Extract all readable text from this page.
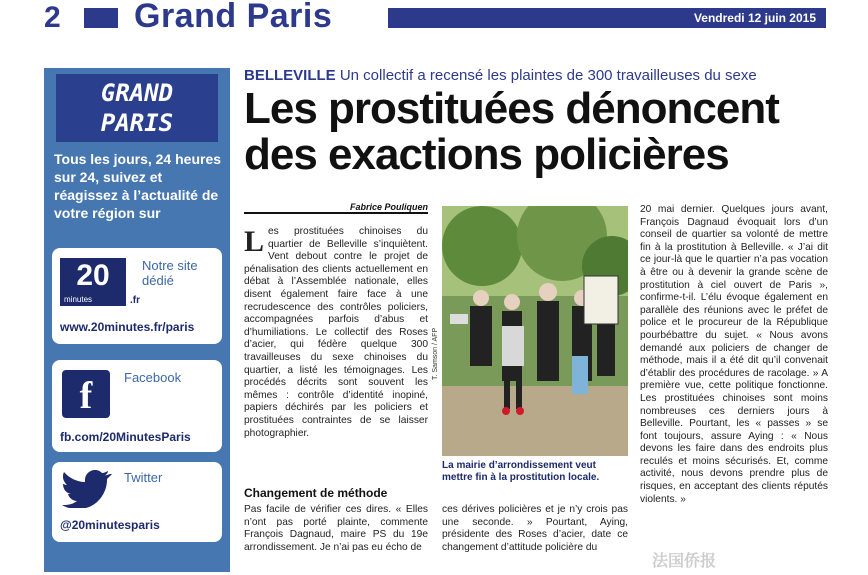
2 Grand Paris	Vendredi 12 juin 2015
GRAND
PARIS
Tous les jours, 24 heures sur 24, suivez et réagissez à l’actualité de votre région sur
20
minutes	.fr
Notre site dédié
www.20minutes.fr/paris
f	Facebook
fb.com/20MinutesParis
Twitter
@20minutesparis
BELLEVILLE Un collectif a recensé les plaintes de 300 travailleuses du sexe
Les prostituées dénoncent des exactions policières
Fabrice Pouliquen
Les prostituées chinoises du quartier de Belleville s’inquiètent. Vent debout contre le projet de pénalisation des clients actuellement en débat à l’Assemblée nationale, elles disent également faire face à une recrudescence des contrôles policiers, accompagnées parfois d’abus et d’humiliations. Le collectif des Roses d’acier, qui fédère quelque 300 travailleuses du sexe chinoises du quartier, a listé les témoignages. Les procédés décrits sont souvent les mêmes : contrôle d’identité inopiné, papiers déchirés par les policiers et prostituées contraintes de se laisser photographier.
Changement de méthode
Pas facile de vérifier ces dires. « Elles n’ont pas porté plainte, commente François Dagnaud, maire PS du 19e arrondissement. Je n’ai pas eu écho de
T. Samson / AFP
La mairie d’arrondissement veut mettre fin à la prostitution locale.
ces dérives policières et je n’y crois pas une seconde. » Pourtant, Aying, présidente des Roses d’acier, date ce changement d’attitude policière du
20 mai dernier. Quelques jours avant, François Dagnaud évoquait lors d’un conseil de quartier sa volonté de mettre fin à la prostitution à Belleville. « J’ai dit ce jour-là que le quartier n’a pas vocation à être ou à devenir la grande scène de prostitution à ciel ouvert de Paris », confirme-t-il. L’élu évoque également en parallèle des réunions avec le préfet de police et le procureur de la République pourbébattre du sujet. « Nous avons demandé aux policiers de changer de méthode, mais il a été dit qu’il convenait d’établir des procédures de racolage. » A première vue, cette politique fonctionne. Les prostituées chinoises sont moins nombreuses ces derniers jours à Belleville. Pourtant, les « passes » se font toujours, assure Aying : « Nous devons les faire dans des endroits plus reculés et moins sécurisés. Et, comme activité, nous devons prendre plus de risques, en acceptant des clients réputés violents. »
法国侨报
